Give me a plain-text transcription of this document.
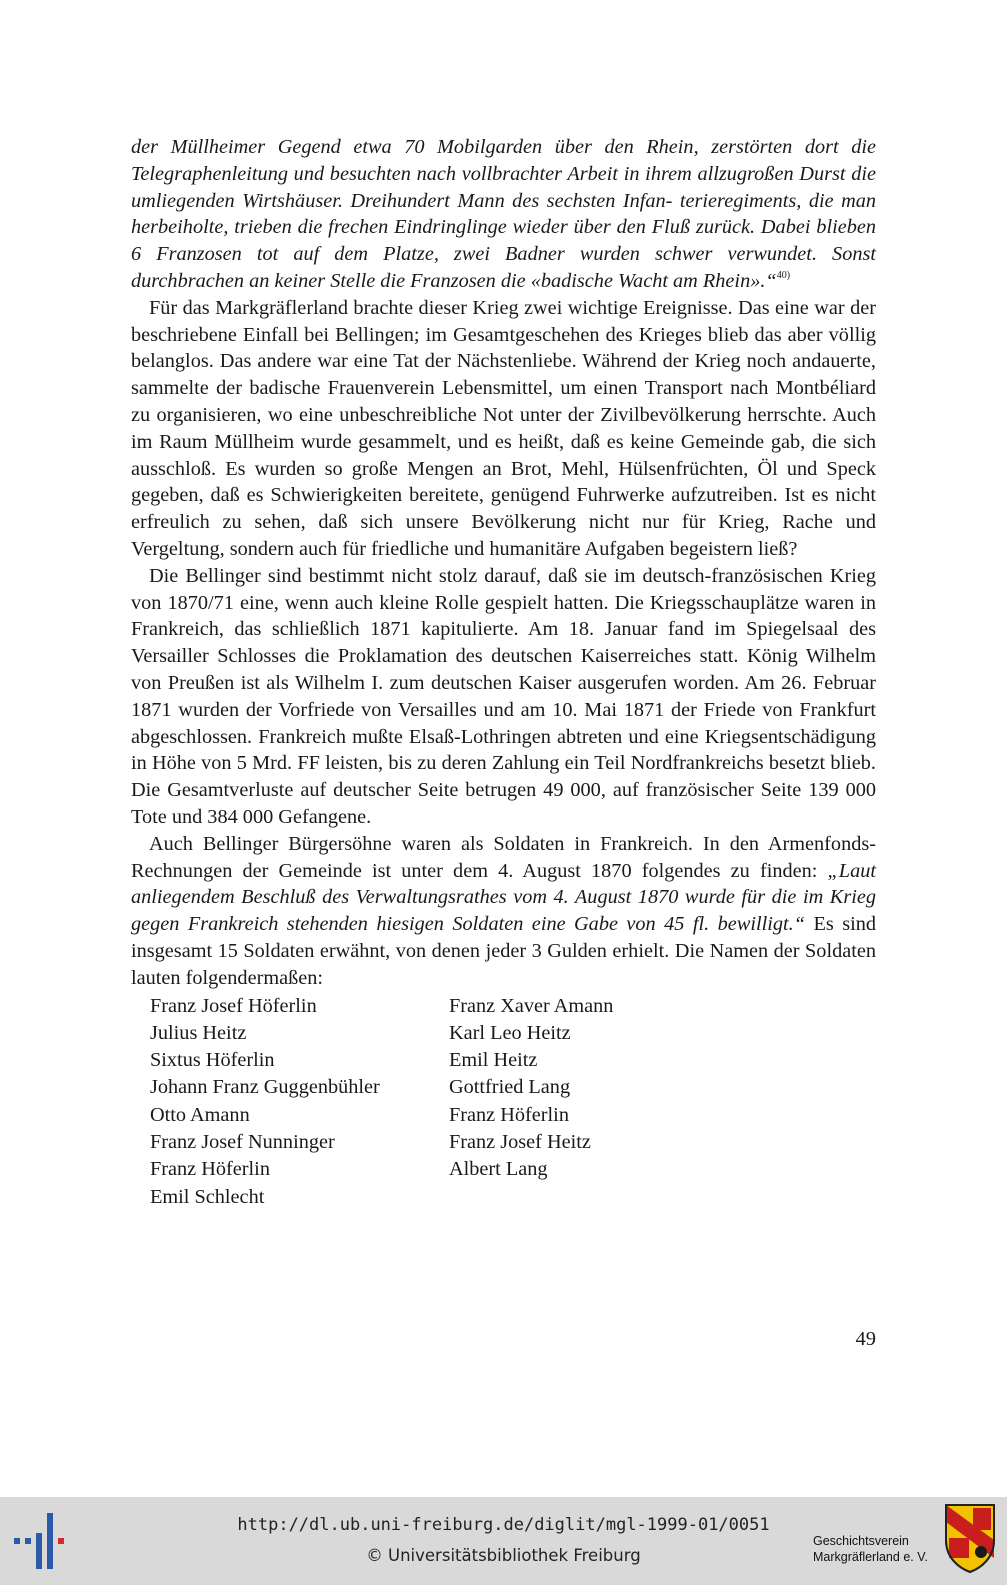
der Müllheimer Gegend etwa 70 Mobilgarden über den Rhein, zerstörten dort die Telegraphenleitung und besuchten nach vollbrachter Arbeit in ihrem allzugroßen Durst die umliegenden Wirtshäuser. Dreihundert Mann des sechsten Infan- terieregiments, die man herbeiholte, trieben die frechen Eindringlinge wieder über den Fluß zurück. Dabei blieben 6 Franzosen tot auf dem Platze, zwei Badner wurden schwer verwundet. Sonst durchbrachen an keiner Stelle die Franzosen die «badische Wacht am Rhein».“$^{40)}$

Für das Markgräflerland brachte dieser Krieg zwei wichtige Ereignisse. Das eine war der beschriebene Einfall bei Bellingen; im Gesamtgeschehen des Krieges blieb das aber völlig belanglos. Das andere war eine Tat der Nächstenliebe. Während der Krieg noch andauerte, sammelte der badische Frauenverein Lebensmittel, um einen Transport nach Montbéliard zu organisieren, wo eine unbeschreibliche Not unter der Zivilbevölkerung herrschte. Auch im Raum Müllheim wurde gesammelt, und es heißt, daß es keine Gemeinde gab, die sich ausschloß. Es wurden so große Mengen an Brot, Mehl, Hülsenfrüchten, Öl und Speck gegeben, daß es Schwierigkeiten bereitete, genügend Fuhrwerke aufzutreiben. Ist es nicht erfreulich zu sehen, daß sich unsere Bevölkerung nicht nur für Krieg, Rache und Vergeltung, sondern auch für friedliche und humanitäre Aufgaben begeistern ließ?

Die Bellinger sind bestimmt nicht stolz darauf, daß sie im deutsch-französischen Krieg von 1870/71 eine, wenn auch kleine Rolle gespielt hatten. Die Kriegsschauplätze waren in Frankreich, das schließlich 1871 kapitulierte. Am 18. Januar fand im Spiegelsaal des Versailler Schlosses die Proklamation des deutschen Kaiserreiches statt. König Wilhelm von Preußen ist als Wilhelm I. zum deutschen Kaiser ausgerufen worden. Am 26. Februar 1871 wurden der Vorfriede von Versailles und am 10. Mai 1871 der Friede von Frankfurt abgeschlossen. Frankreich mußte Elsaß-Lothringen abtreten und eine Kriegsentschädigung in Höhe von 5 Mrd. FF leisten, bis zu deren Zahlung ein Teil Nordfrankreichs besetzt blieb. Die Gesamtverluste auf deutscher Seite betrugen 49 000, auf französischer Seite 139 000 Tote und 384 000 Gefangene.

Auch Bellinger Bürgersöhne waren als Soldaten in Frankreich. In den Armenfonds-Rechnungen der Gemeinde ist unter dem 4. August 1870 folgendes zu finden: „Laut anliegendem Beschluß des Verwaltungsrathes vom 4. August 1870 wurde für die im Krieg gegen Frankreich stehenden hiesigen Soldaten eine Gabe von 45 fl. bewilligt.“ Es sind insgesamt 15 Soldaten erwähnt, von denen jeder 3 Gulden erhielt. Die Namen der Soldaten lauten folgendermaßen:

Franz Josef Höferlin
Julius Heitz
Sixtus Höferlin
Johann Franz Guggenbühler
Otto Amann
Franz Josef Nunninger
Franz Höferlin
Emil Schlecht
Franz Xaver Amann
Karl Leo Heitz
Emil Heitz
Gottfried Lang
Franz Höferlin
Franz Josef Heitz
Albert Lang
49
http://dl.ub.uni-freiburg.de/diglit/mgl-1999-01/0051
© Universitätsbibliothek Freiburg
Geschichtsverein
Markgräflerland e. V.
